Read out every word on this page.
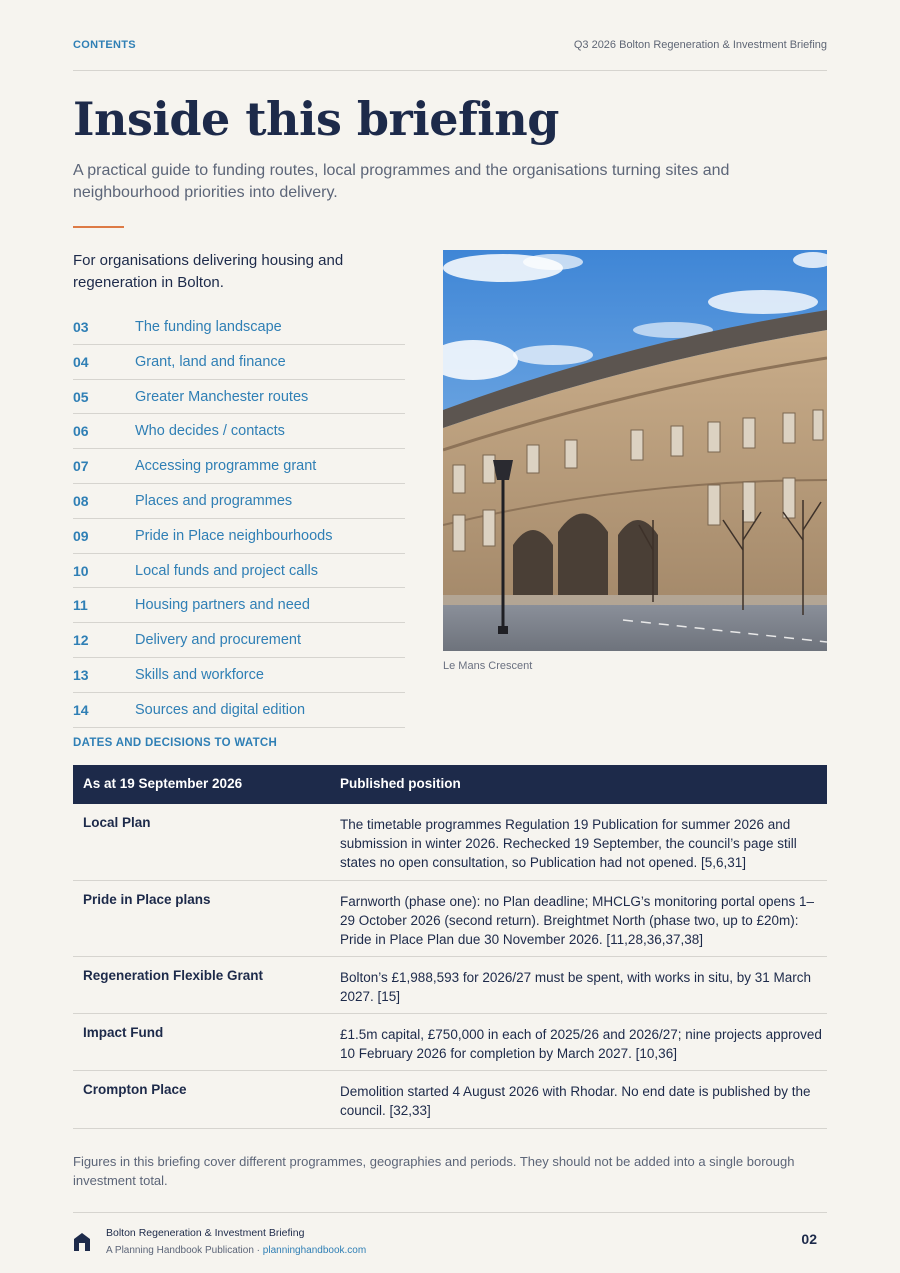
CONTENTS	Q3 2026 Bolton Regeneration & Investment Briefing
Inside this briefing

A practical guide to funding routes, local programmes and the organisations turning sites and neighbourhood priorities into delivery.

For organisations delivering housing and regeneration in Bolton.

03	The funding landscape
04	Grant, land and finance
05	Greater Manchester routes
06	Who decides / contacts
07	Accessing programme grant
08	Places and programmes
09	Pride in Place neighbourhoods
10	Local funds and project calls
11	Housing partners and need
12	Delivery and procurement
13	Skills and workforce
14	Sources and digital edition
Le Mans Crescent
DATES AND DECISIONS TO WATCH
As at 19 September 2026	Published position
Local Plan	The timetable programmes Regulation 19 Publication for summer 2026 and submission in winter 2026. Rechecked 19 September, the council’s page still states no open consultation, so Publication had not opened. [5,6,31]
Pride in Place plans	Farnworth (phase one): no Plan deadline; MHCLG’s monitoring portal opens 1–29 October 2026 (second return). Breightmet North (phase two, up to £20m): Pride in Place Plan due 30 November 2026. [11,28,36,37,38]
Regeneration Flexible Grant	Bolton’s £1,988,593 for 2026/27 must be spent, with works in situ, by 31 March 2027. [15]
Impact Fund	£1.5m capital, £750,000 in each of 2025/26 and 2026/27; nine projects approved 10 February 2026 for completion by March 2027. [10,36]
Crompton Place	Demolition started 4 August 2026 with Rhodar. No end date is published by the council. [32,33]

Figures in this briefing cover different programmes, geographies and periods. They should not be added into a single borough investment total.

Bolton Regeneration & Investment Briefing
A Planning Handbook Publication · planninghandbook.com
02
